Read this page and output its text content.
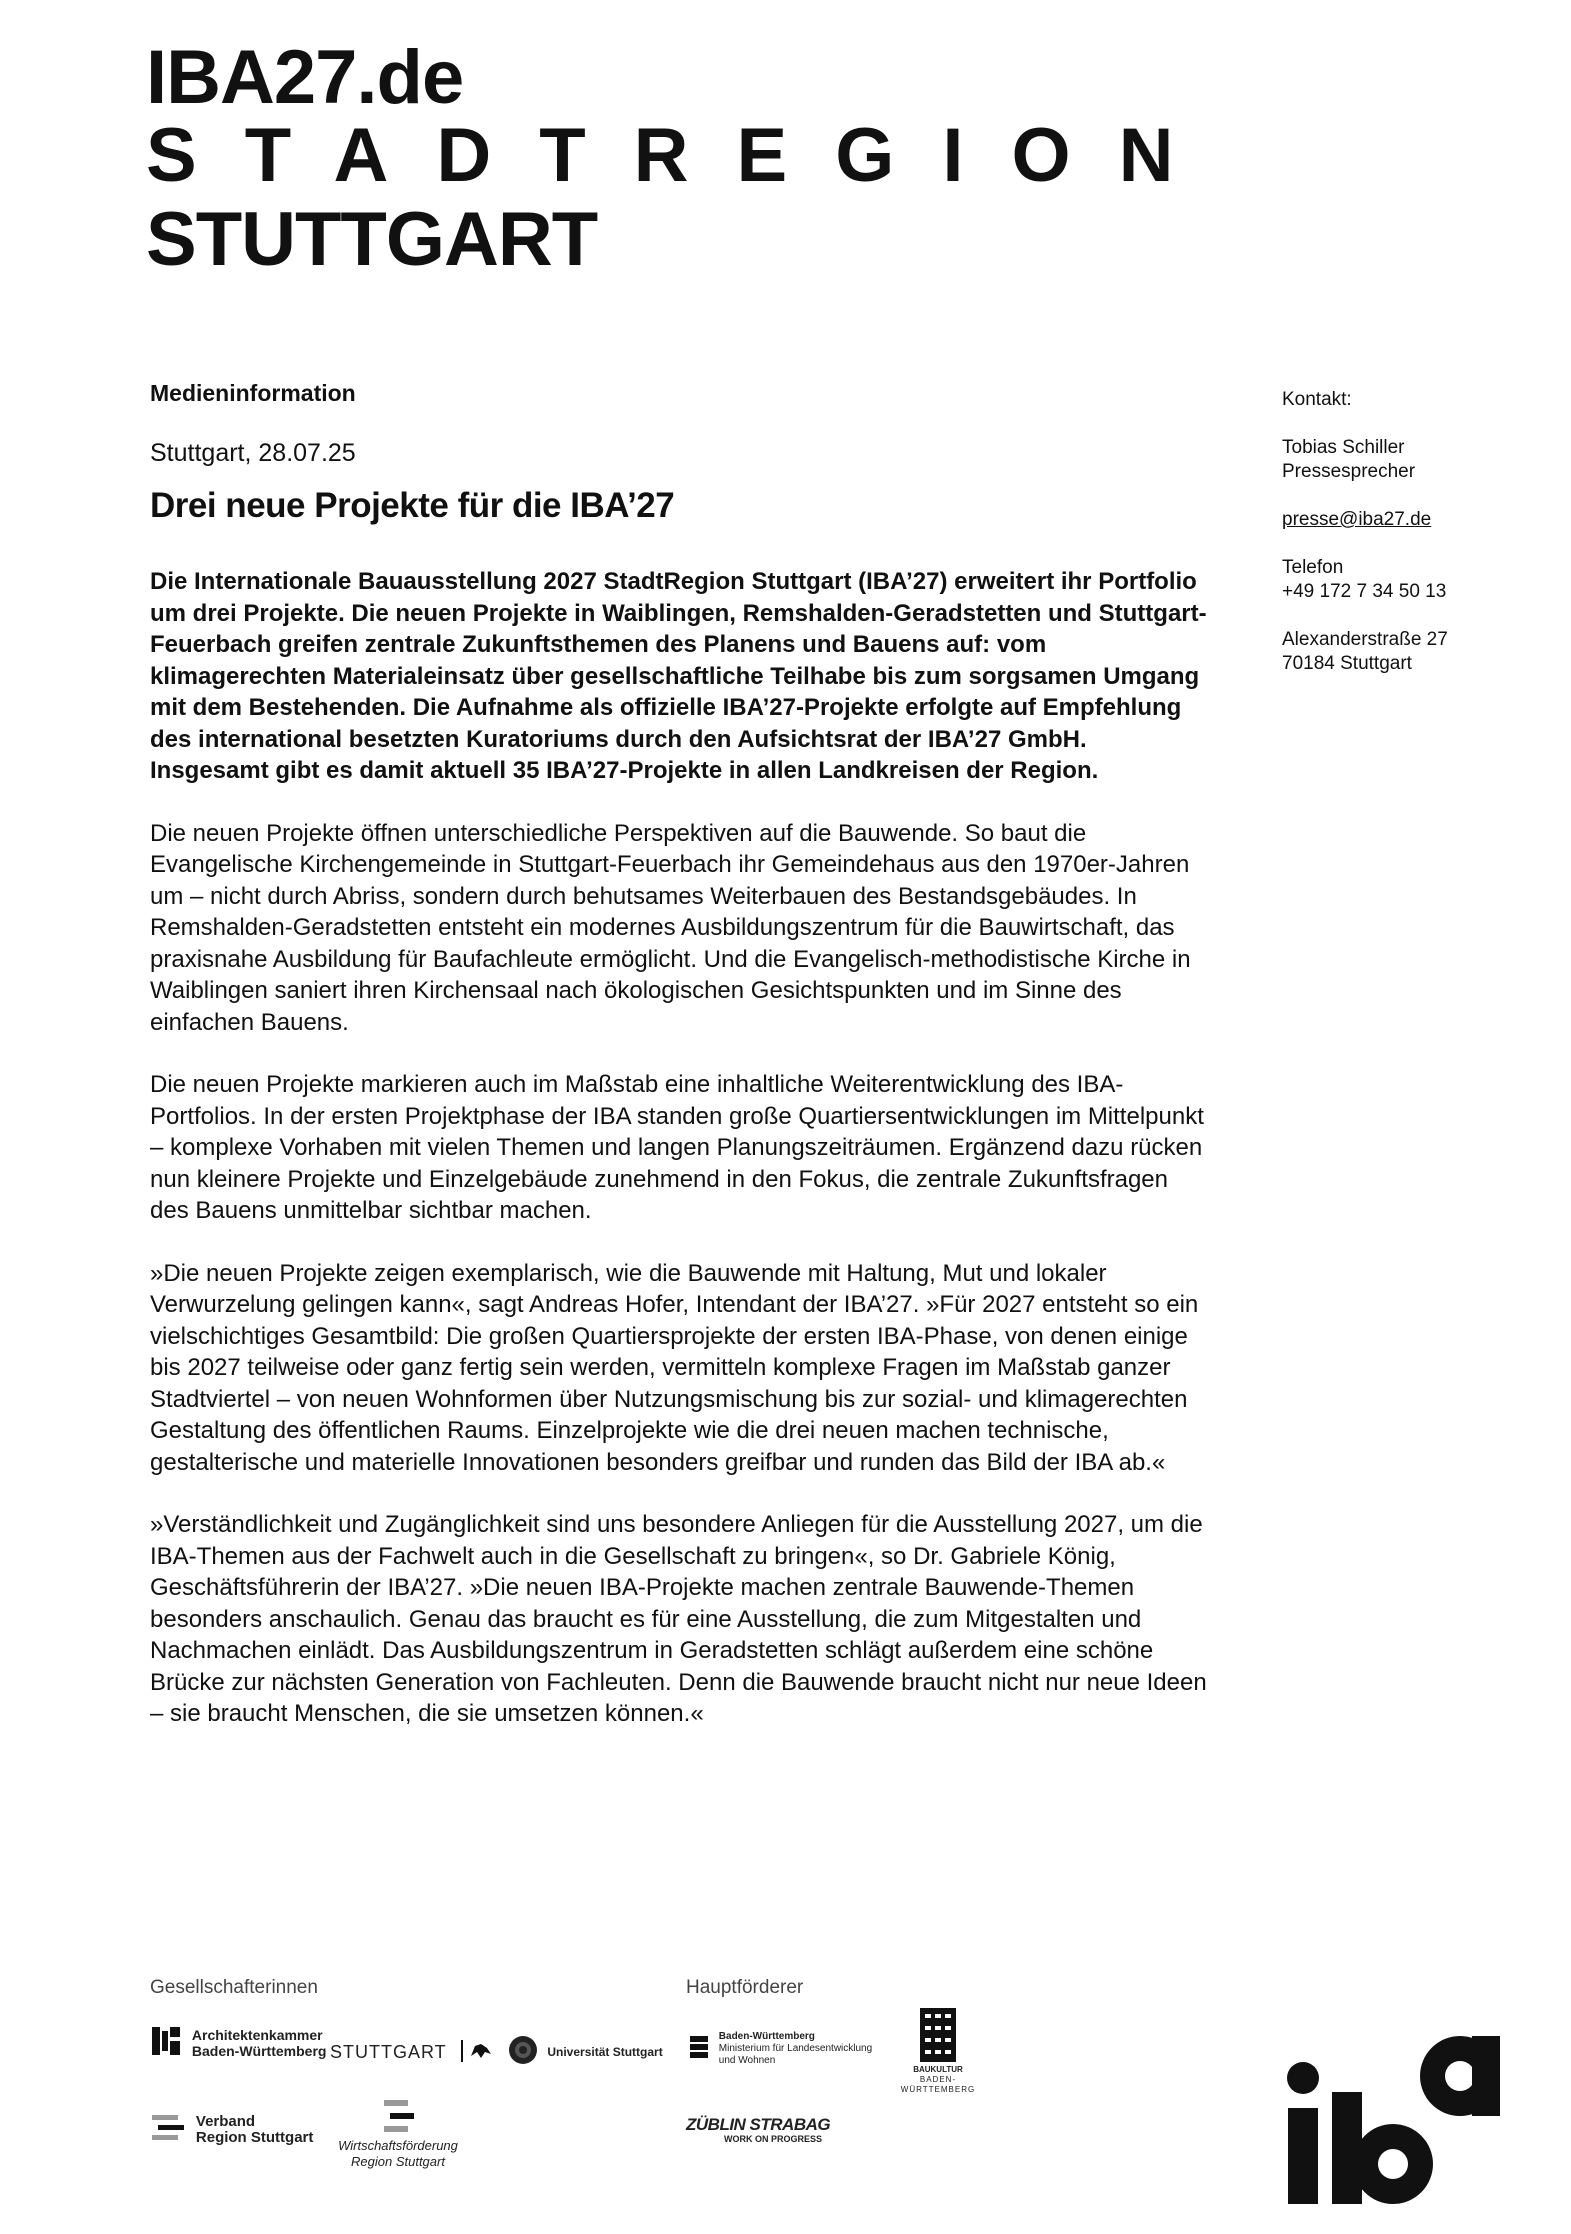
IBA27.de
STADTREGION
STUTTGART
Medieninformation
Stuttgart, 28.07.25
Drei neue Projekte für die IBA’27

Die Internationale Bauausstellung 2027 StadtRegion Stuttgart (IBA’27) erweitert ihr Portfolio um drei Projekte. Die neuen Projekte in Waiblingen, Remshalden-Geradstetten und Stuttgart-Feuerbach greifen zentrale Zukunftsthemen des Planens und Bauens auf: vom klimagerechten Materialeinsatz über gesellschaftliche Teilhabe bis zum sorgsamen Umgang mit dem Bestehenden. Die Aufnahme als offizielle IBA’27-Projekte erfolgte auf Empfehlung des international besetzten Kuratoriums durch den Aufsichtsrat der IBA’27 GmbH. Insgesamt gibt es damit aktuell 35 IBA’27-Projekte in allen Landkreisen der Region.

Die neuen Projekte öffnen unterschiedliche Perspektiven auf die Bauwende. So baut die Evangelische Kirchengemeinde in Stuttgart-Feuerbach ihr Gemeindehaus aus den 1970er-Jahren um – nicht durch Abriss, sondern durch behutsames Weiterbauen des Bestandsgebäudes. In Remshalden-Geradstetten entsteht ein modernes Ausbildungszentrum für die Bauwirtschaft, das praxisnahe Ausbildung für Baufachleute ermöglicht. Und die Evangelisch-methodistische Kirche in Waiblingen saniert ihren Kirchensaal nach ökologischen Gesichtspunkten und im Sinne des einfachen Bauens.

Die neuen Projekte markieren auch im Maßstab eine inhaltliche Weiterentwicklung des IBA-Portfolios. In der ersten Projektphase der IBA standen große Quartiersentwicklungen im Mittelpunkt – komplexe Vorhaben mit vielen Themen und langen Planungszeiträumen. Ergänzend dazu rücken nun kleinere Projekte und Einzelgebäude zunehmend in den Fokus, die zentrale Zukunftsfragen des Bauens unmittelbar sichtbar machen.

»Die neuen Projekte zeigen exemplarisch, wie die Bauwende mit Haltung, Mut und lokaler Verwurzelung gelingen kann«, sagt Andreas Hofer, Intendant der IBA’27. »Für 2027 entsteht so ein vielschichtiges Gesamtbild: Die großen Quartiersprojekte der ersten IBA-Phase, von denen einige bis 2027 teilweise oder ganz fertig sein werden, vermitteln komplexe Fragen im Maßstab ganzer Stadtviertel – von neuen Wohnformen über Nutzungsmischung bis zur sozial- und klimagerechten Gestaltung des öffentlichen Raums. Einzelprojekte wie die drei neuen machen technische, gestalterische und materielle Innovationen besonders greifbar und runden das Bild der IBA ab.«

»Verständlichkeit und Zugänglichkeit sind uns besondere Anliegen für die Ausstellung 2027, um die IBA-Themen aus der Fachwelt auch in die Gesellschaft zu bringen«, so Dr. Gabriele König, Geschäftsführerin der IBA’27. »Die neuen IBA-Projekte machen zentrale Bauwende-Themen besonders anschaulich. Genau das braucht es für eine Ausstellung, die zum Mitgestalten und Nachmachen einlädt. Das Ausbildungszentrum in Geradstetten schlägt außerdem eine schöne Brücke zur nächsten Generation von Fachleuten. Denn die Bauwende braucht nicht nur neue Ideen – sie braucht Menschen, die sie umsetzen können.«

Kontakt:
Tobias Schiller
Pressesprecher
presse@iba27.de
Telefon
+49 172 7 34 50 13
Alexanderstraße 27
70184 Stuttgart
Gesellschafterinnen	Hauptförderer

Architektenkammer
Baden-Württemberg STUTTGART	Universität Stuttgart

Verband
Region Stuttgart Wirtschaftsförderung
Region Stuttgart

Baden-Württemberg
Ministerium für Landesentwicklung
und Wohnen
BAUKULTUR
BADEN-WÜRTTEMBERG
ZÜBLIN STRABAG
WORK ON PROGRESS
